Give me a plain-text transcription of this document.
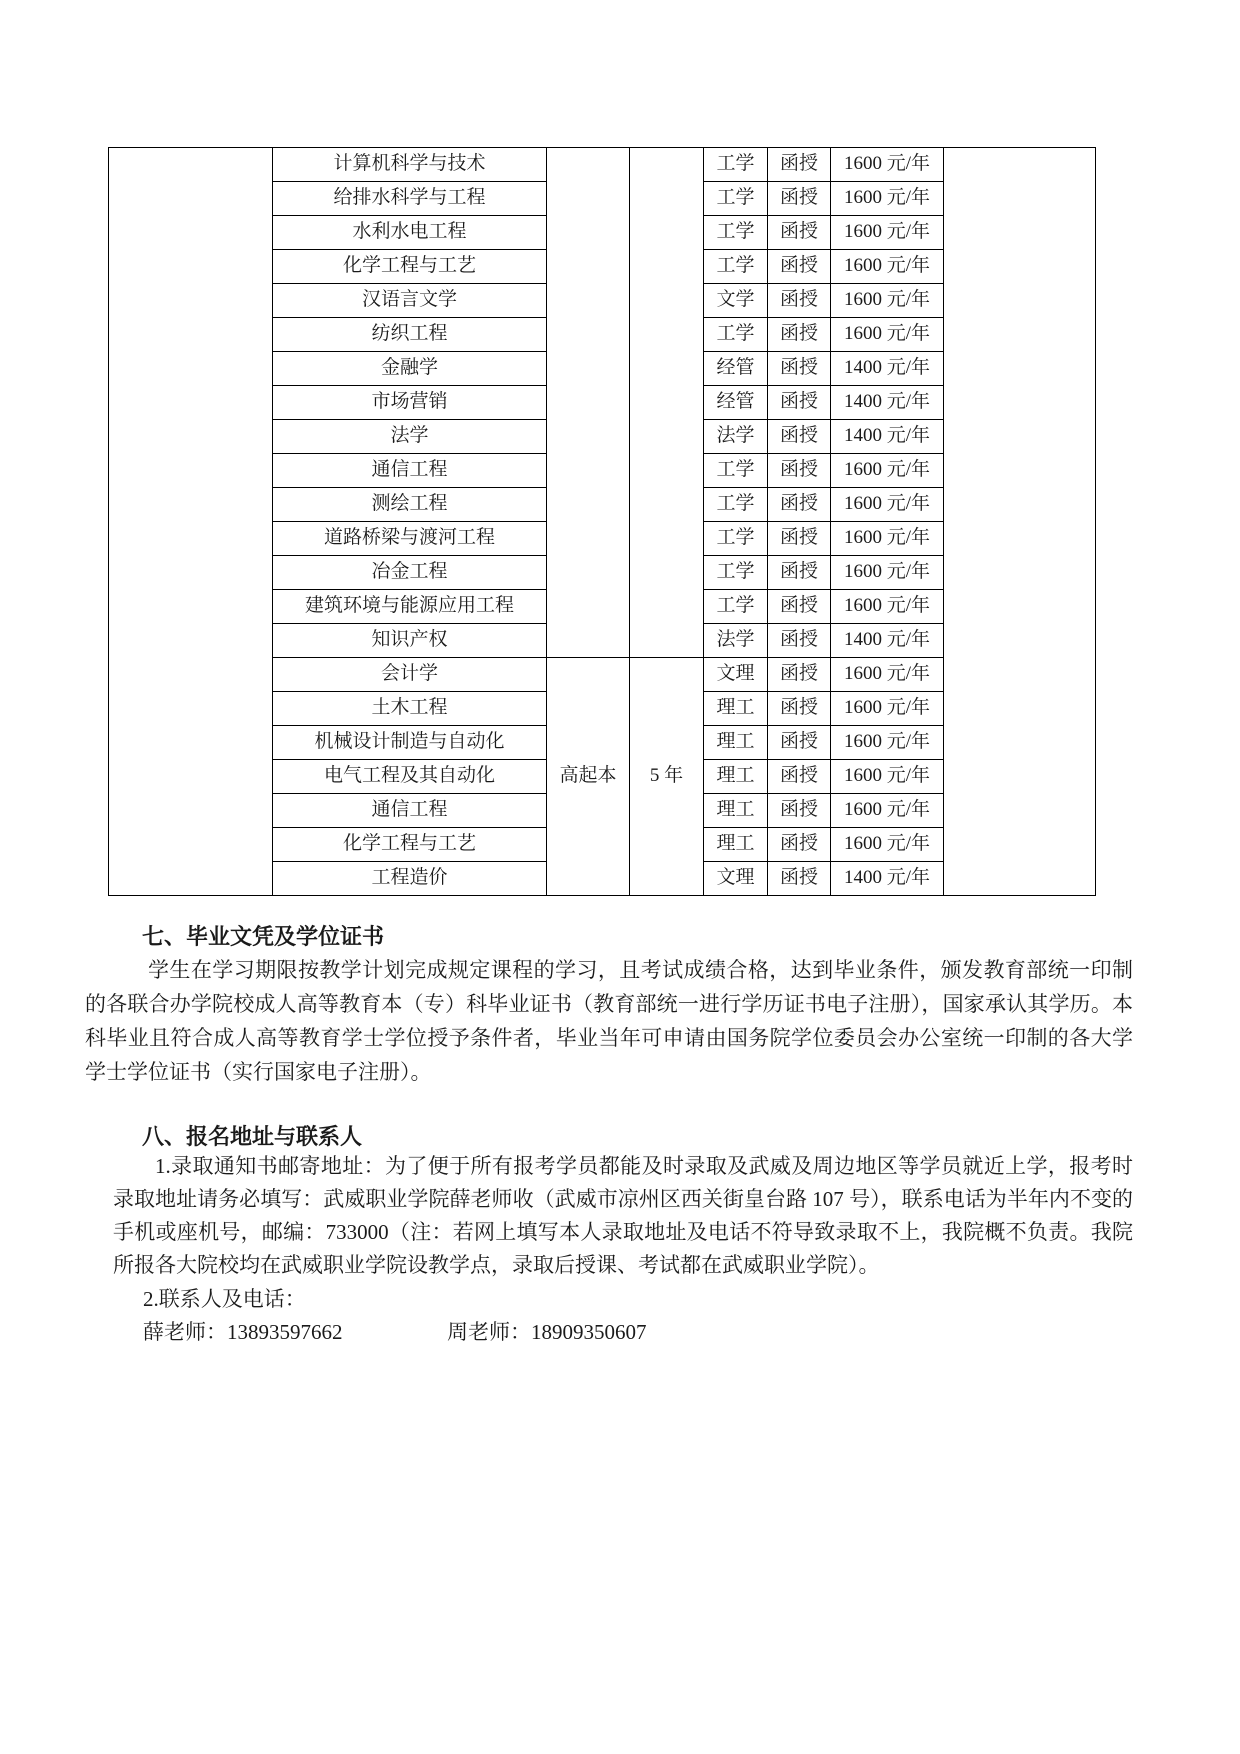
	计算机科学与技术			工学	函授	1600 元/年	
	给排水科学与工程			工学	函授	1600 元/年	
	水利水电工程			工学	函授	1600 元/年	
	化学工程与工艺			工学	函授	1600 元/年	
	汉语言文学			文学	函授	1600 元/年	
	纺织工程			工学	函授	1600 元/年	
	金融学			经管	函授	1400 元/年	
	市场营销			经管	函授	1400 元/年	
	法学			法学	函授	1400 元/年	
	通信工程			工学	函授	1600 元/年	
	测绘工程			工学	函授	1600 元/年	
	道路桥梁与渡河工程			工学	函授	1600 元/年	
	冶金工程			工学	函授	1600 元/年	
	建筑环境与能源应用工程			工学	函授	1600 元/年	
	知识产权			法学	函授	1400 元/年	
	会计学	高起本	5 年	文理	函授	1600 元/年	
	土木工程			理工	函授	1600 元/年	
	机械设计制造与自动化			理工	函授	1600 元/年	
	电气工程及其自动化			理工	函授	1600 元/年	
	通信工程			理工	函授	1600 元/年	
	化学工程与工艺			理工	函授	1600 元/年	
	工程造价			文理	函授	1400 元/年	
七、毕业文凭及学位证书
学生在学习期限按教学计划完成规定课程的学习，且考试成绩合格，达到毕业条件，颁发教育部统一印制的各联合办学院校成人高等教育本（专）科毕业证书（教育部统一进行学历证书电子注册），国家承认其学历。本科毕业且符合成人高等教育学士学位授予条件者，毕业当年可申请由国务院学位委员会办公室统一印制的各大学学士学位证书（实行国家电子注册）。
八、报名地址与联系人
1.录取通知书邮寄地址：为了便于所有报考学员都能及时录取及武威及周边地区等学员就近上学，报考时录取地址请务必填写：武威职业学院薛老师收（武威市凉州区西关街皇台路 107 号），联系电话为半年内不变的手机或座机号，邮编：733000（注：若网上填写本人录取地址及电话不符导致录取不上，我院概不负责。我院所报各大院校均在武威职业学院设教学点，录取后授课、考试都在武威职业学院）。
2.联系人及电话：
薛老师：13893597662	周老师：18909350607
